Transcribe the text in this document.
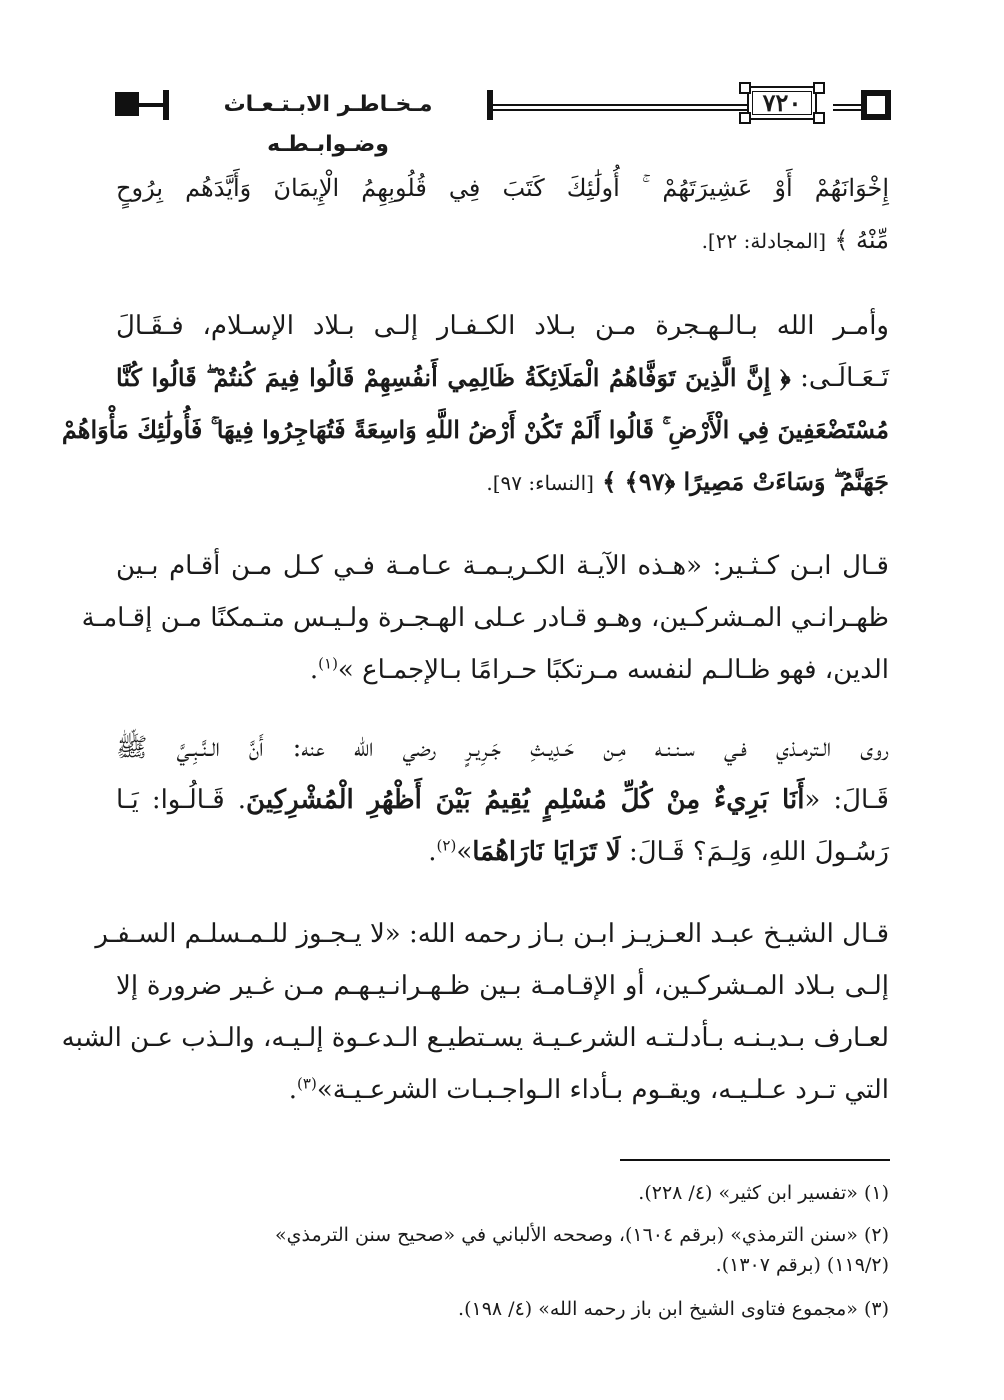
مـخـاطـر الابـتـعـاث وضـوابـطـه
٧٢٠
إِخْوَانَهُمْ أَوْ عَشِيرَتَهُمْ ۚ أُولَٰئِكَ كَتَبَ فِي قُلُوبِهِمُ الْإِيمَانَ وَأَيَّدَهُم بِرُوحٍ
مِّنْهُ ﴾ [المجادلة: ٢٢].
وأمـر الله بـالـهـجرة مـن بـلاد الكـفـار إلـى بـلاد الإسـلام، فـقَـالَ
تَـعَـالَـى: ﴿ إِنَّ الَّذِينَ تَوَفَّاهُمُ الْمَلَائِكَةُ ظَالِمِي أَنفُسِهِمْ قَالُوا فِيمَ كُنتُمْ ۖ قَالُوا كُنَّا
مُسْتَضْعَفِينَ فِي الْأَرْضِ ۚ قَالُوا أَلَمْ تَكُنْ أَرْضُ اللَّهِ وَاسِعَةً فَتُهَاجِرُوا فِيهَا ۚ فَأُولَٰئِكَ مَأْوَاهُمْ
جَهَنَّمُ ۖ وَسَاءَتْ مَصِيرًا ﴿٩٧﴾ ﴾ [النساء: ٩٧].
قـال ابـن كـثـير: «هـذه الآيـة الكـريـمـة عـامـة فـي كـل مـن أقـام بـين
ظهـرانـي المـشركـين، وهـو قـادر عـلى الهـجـرة ولـيـس متـمكنًا مـن إقـامـة
الدين، فهو ظـالـم لنفسه مـرتكبًا حـرامًا بـالإجمـاع »$^{(١)}$.
روى الـترمـذي فـي سـنـنـه مِـن حَـدِيـثِ جَـرِيـرٍ رضي الله عنه: أَنَّ الـنَّـبِـيَّ ﷺ
قَـالَ: «أَنَا بَرِيءٌ مِنْ كُلِّ مُسْلِمٍ يُقِيمُ بَيْنَ أَظْهُرِ الْمُشْرِكِينَ. قَـالُـوا: يَـا
رَسُـولَ اللهِ، وَلِـمَ؟ قَـالَ: لَا تَرَايَا نَارَاهُمَا»$^{(٢)}$.
قـال الشيـخ عبـد العـزيـز ابـن بـاز رحمه الله: «لا يـجـوز للـمـسلـم السـفـر
إلـى بـلاد المـشركـين، أو الإقـامـة بـين ظـهـرانـيـهـم مـن غـير ضرورة إلا
لعـارف بـديـنـه بـأدلـتـه الشرعـيـة يسـتطيـع الـدعـوة إلـيـه، والـذب عـن الشبه
التي تـرد عـلـيـه، ويقـوم بـأداء الـواجـبـات الشرعـيـة»$^{(٣)}$.
(١) «تفسير ابن كثير» (٤/ ٢٢٨).
(٢) «سنن الترمذي» (برقم ١٦٠٤)، وصححه الألباني في «صحيح سنن الترمذي»
(١١٩/٢) (برقم ١٣٠٧).
(٣) «مجموع فتاوى الشيخ ابن باز رحمه الله» (٤/ ١٩٨).
